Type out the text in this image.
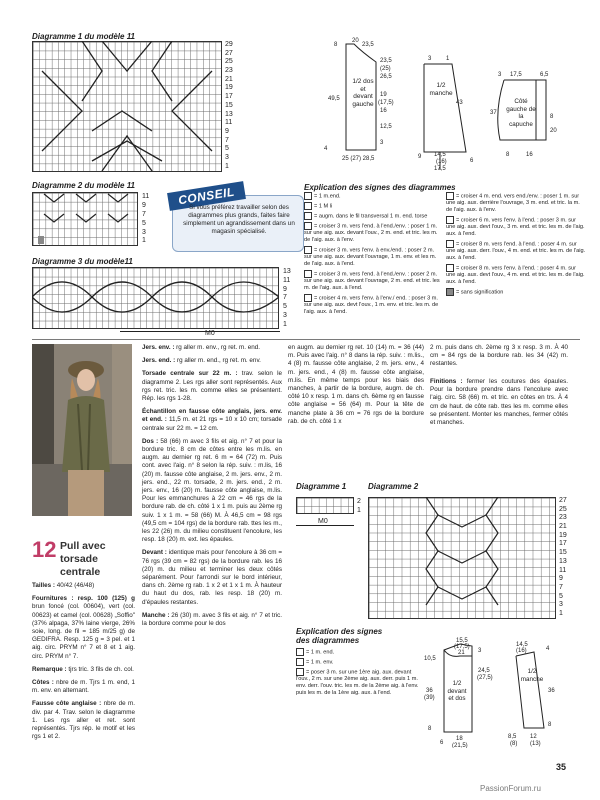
Diagramme 1 du modèle 11
29
27
25
23
21
19
17
15
13
11
9
7
5
3
1
Diagramme 2 du modèle 11
11
9
7
5
3
1
Diagramme 3 du modèle11
13
11
9
7
5
3
1
M0
CONSEIL
Si vous préférez travailler selon des diagrammes plus grands, faites faire simplement un agrandissement dans un magasin spécialisé.
20
8	23,5
49,5
23,5
(25)
26,5
19
(17,5)
16
12,5
3
25 (27) 28,5
4
3 1
43
9 14,5
(16)
17,5
6
17,5	6,5
3
37
8
20
8	16
1/2 dos et devant gauche
1/2 manche
Côté gauche de la capuche
Explication des signes des diagrammes
= 1 m.end.
= 1 M li
= augm. dans le fil transversal 1 m. end. torse
= croiser 3 m. vers l'end. à l'end./env. : poser 1 m. sur une aig. aux. devant l'ouv., 2 m. end. et tric. les m. de l'aig. aux. à l'env.
= croiser 3 m. vers l'env. à env./end. : poser 2 m. sur une aig. aux. devant l'ouvrage, 1 m. env. et les m. de l'aig. aux. à l'end.
= croiser 3 m. vers l'end. à l'end./env. : poser 2 m. sur une aig. aux. devant l'ouvrage, 2 m. end. et tric. les m. de l'aig. aux. à l'end.
= croiser 4 m. vers l'env. à l'env./ end. : poser 3 m. sur une aig. aux. devt l'ouv., 1 m. env. et tric. les m. de l'aig. aux. à l'end.
= croiser 4 m. end. vers end./env. : poser 1 m. sur une aig. aux. derrière l'ouvrage, 3 m. end. et tric. la m. de l'aig. aux. à l'env.
= croiser 6 m. vers l'env. à l'end. : poser 3 m. sur une aig. aux. devt l'ouv., 3 m. end. et tric. les m. de l'aig. aux. à l'end.
= croiser 8 m. vers l'end. à l'end. : poser 4 m. sur une aig. aux. derr. l'ouv., 4 m. end. et tric. les m. de l'aig. aux. à l'end.
= croiser 8 m. vers l'env. à l'end. : poser 4 m. sur une aig. aux. devt l'ouv., 4 m. end. et tric. les m. de l'aig. aux. à l'end.
= sans signification
12 Pull avec torsade centrale
Tailles : 40/42 (46/48)
Fournitures : resp. 100 (125) g brun foncé (col. 00604), vert (col. 00623) et camel (col. 00628) „Soffio" (37% alpaga, 37% laine vierge, 26% soie, long. de fil = 185 m/25 g) de GEDIFRA. Resp. 125 g = 3 pel. et 1 aig. circ. PRYM n° 7 et 8 et 1 aig. circ. PRYM n° 7.
Remarque : tjrs tric. 3 fils de ch. col.
Côtes : nbre de m. Tjrs 1 m. end, 1 m. env. en alternant.
Fausse côte anglaise : nbre de m. div. par 4. Trav. selon le diagramme 1. Les rgs aller et ret. sont représentés. Tjrs rép. le motif et les rgs 1 et 2.
Jers. env. : rg aller m. env., rg ret. m. end.
Jers. end. : rg aller m. end., rg ret. m. env.
Torsade centrale sur 22 m. : trav. selon le diagramme 2. Les rgs aller sont représentés. Aux rgs ret. tric. les m. comme elles se présentent. Rép. les rgs 1-28.
Échantillon en fausse côte anglais, jers. env. et end. : 11,5 m. et 21 rgs = 10 x 10 cm; torsade centrale sur 22 m. = 12 cm.
Dos : 58 (66) m avec 3 fils et aig. n° 7 et pour la bordure tric. 8 cm de côtes entre les m.lis. en augm. au dernier rg ret. 6 m = 64 (72) m. Puis cont. avec l'aig. n° 8 selon la rép. suiv. : m.lis, 16 (20) m. fausse côte anglaise, 2 m. jers. env., 2 m. jers. end., 22 m. torsade, 2 m. jers. end., 2 m. jers. env., 16 (20) m. fausse côte anglaise, m.lis. Pour les emmanchures à 22 cm = 46 rgs de la bordure rab. de ch. côté 1 x 1 m. puis au 2ème rg suiv. 1 x 1 m. = 58 (66) M. À 46,5 cm = 98 rgs (49,5 cm = 104 rgs) de la bordure rab. ttes les m., les 22 (26) m. du milieu constituent l'encolure, les resp. 18 (20) m. ext. les épaules.
Devant : identique mais pour l'encolure à 36 cm = 76 rgs (39 cm = 82 rgs) de la bordure rab. les 16 (20) m. du milieu et terminer les deux côtés séparément. Pour l'arrondi sur le bord intérieur, dans ch. 2ème rg rab. 1 x 2 et 1 x 1 m. À hauteur du haut du dos, rab. les resp. 18 (20) m. d'épaules restantes.
Manche : 26 (30) m. avec 3 fils et aig. n° 7 et tric. la bordure comme pour le dos
en augm. au dernier rg ret. 10 (14) m. = 36 (44) m. Puis avec l'aig. n° 8 dans la rép. suiv. : m.lis., 4 (8) m. fausse côte anglaise, 2 m. jers. env., 4 m. jers. end., 4 (8) m. fausse côte anglaise, m.lis. En même temps pour les biais des manches, à partir de la bordure, augm. de ch. côté 10 x resp. 1 m. dans ch. 6ème rg en fausse côte anglaise = 56 (64) m. Pour la tête de manche plate à 36 cm = 76 rgs de la bordure rab. de ch. côté 1 x
2 m. puis dans ch. 2ème rg 3 x resp. 3 m. À 40 cm = 84 rgs de la bordure rab. les 34 (42) m. restantes.
Finitions : fermer les coutures des épaules. Pour la bordure prendre dans l'encolure avec l'aig. circ. 58 (66) m. et tric. en côtes en trs. À 4 cm de haut. de côte rab. ttes les m. comme elles se présentent. Monter les manches, fermer côtés et manches.
Diagramme 1
2
1
M0
Diagramme 2
27
25
23
21
19
17
15
13
11
9
7
5
3
1
Explication des signes des diagrammes
= 1 m. end.
= 1 m. env.
= poser 3 m. sur une 1ère aig. aux. devant l'ouv., 2 m. sur une 2ème aig. aux. derr. puis 1 m. env. derr. l'ouv. tric. les m. de la 2ème aig. à l'env. puis les m. de la 1ère aig. aux. à l'end.
15,5
(17,5)
21
10,5
24,5
(27,5)
3
36
(39)
8
18
(21,5)
6
14,5
(16)	4
36
8
8,5
(8)
12
(13)
1/2 devant et dos
1/2 manche
35
PassionForum.ru
